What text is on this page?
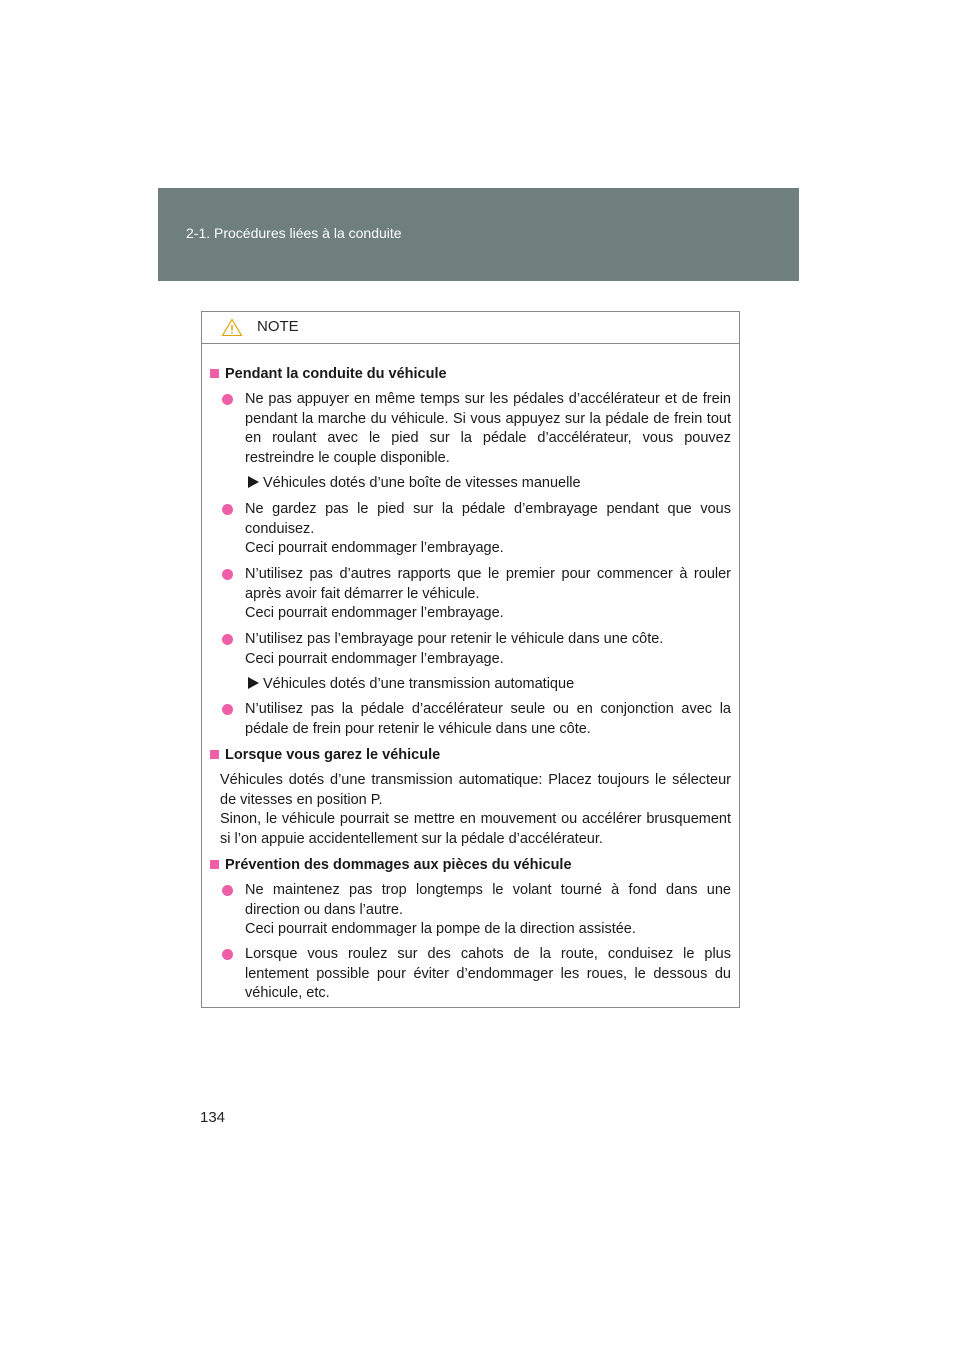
2-1. Procédures liées à la conduite
NOTE
Pendant la conduite du véhicule
Ne pas appuyer en même temps sur les pédales d’accélérateur et de frein pendant la marche du véhicule. Si vous appuyez sur la pédale de frein tout en roulant avec le pied sur la pédale d’accélérateur, vous pouvez restreindre le couple disponible.
Véhicules dotés d’une boîte de vitesses manuelle
Ne gardez pas le pied sur la pédale d’embrayage pendant que vous conduisez.
Ceci pourrait endommager l’embrayage.
N’utilisez pas d’autres rapports que le premier pour commencer à rouler après avoir fait démarrer le véhicule.
Ceci pourrait endommager l’embrayage.
N’utilisez pas l’embrayage pour retenir le véhicule dans une côte.
Ceci pourrait endommager l’embrayage.
Véhicules dotés d’une transmission automatique
N’utilisez pas la pédale d’accélérateur seule ou en conjonction avec la pédale de frein pour retenir le véhicule dans une côte.
Lorsque vous garez le véhicule
Véhicules dotés d’une transmission automatique: Placez toujours le sélecteur de vitesses en position P.
Sinon, le véhicule pourrait se mettre en mouvement ou accélérer brusquement si l’on appuie accidentellement sur la pédale d’accélérateur.
Prévention des dommages aux pièces du véhicule
Ne maintenez pas trop longtemps le volant tourné à fond dans une direction ou dans l’autre.
Ceci pourrait endommager la pompe de la direction assistée.
Lorsque vous roulez sur des cahots de la route, conduisez le plus lentement possible pour éviter d’endommager les roues, le dessous du véhicule, etc.
134
